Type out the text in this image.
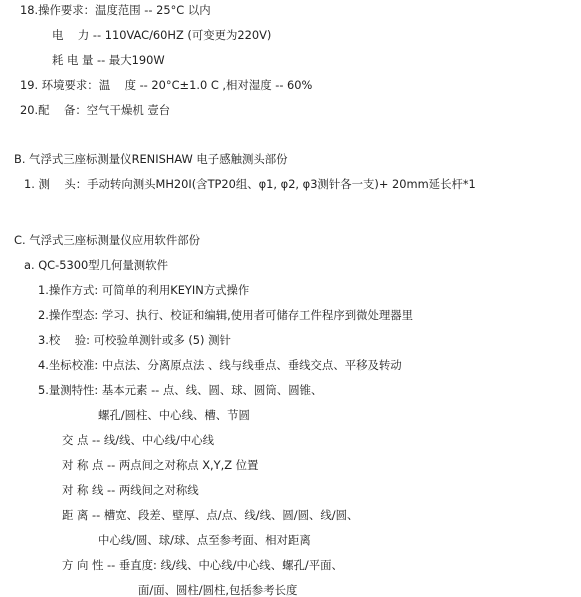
18.操作要求：温度范围 -- 25°C 以内
电    力 -- 110VAC/60HZ (可变更为220V)
耗 电 量 -- 最大190W
19. 环境要求：温    度 -- 20°C±1.0 C ,相对湿度 -- 60%
20.配    备：空气干燥机 壹台
B. 气浮式三座标测量仪RENISHAW 电子感触测头部份
1. 测    头：手动转向测头MH20I(含TP20组、φ1, φ2, φ3测针各一支)+ 20mm延长杆*1
C. 气浮式三座标测量仪应用软件部份
a. QC-5300型几何量测软件
1.操作方式: 可简单的利用KEYIN方式操作
2.操作型态: 学习、执行、校证和编辑,使用者可储存工件程序到微处理器里
3.校    验: 可校验单测针或多 (5) 测针
4.坐标校准: 中点法、分离原点法 、线与线垂点、垂线交点、平移及转动
5.量测特性: 基本元素 -- 点、线、圆、球、圆筒、圆锥、
螺孔/圆柱、中心线、槽、节圆
交 点 -- 线/线、中心线/中心线
对 称 点 -- 两点间之对称点 X,Y,Z 位置
对 称 线 -- 两线间之对称线
距 离 -- 槽宽、段差、壁厚、点/点、线/线、圆/圆、线/圆、
中心线/圆、球/球、点至参考面、相对距离
方 向 性 -- 垂直度: 线/线、中心线/中心线、螺孔/平面、
面/面、圆柱/圆柱,包括参考长度
